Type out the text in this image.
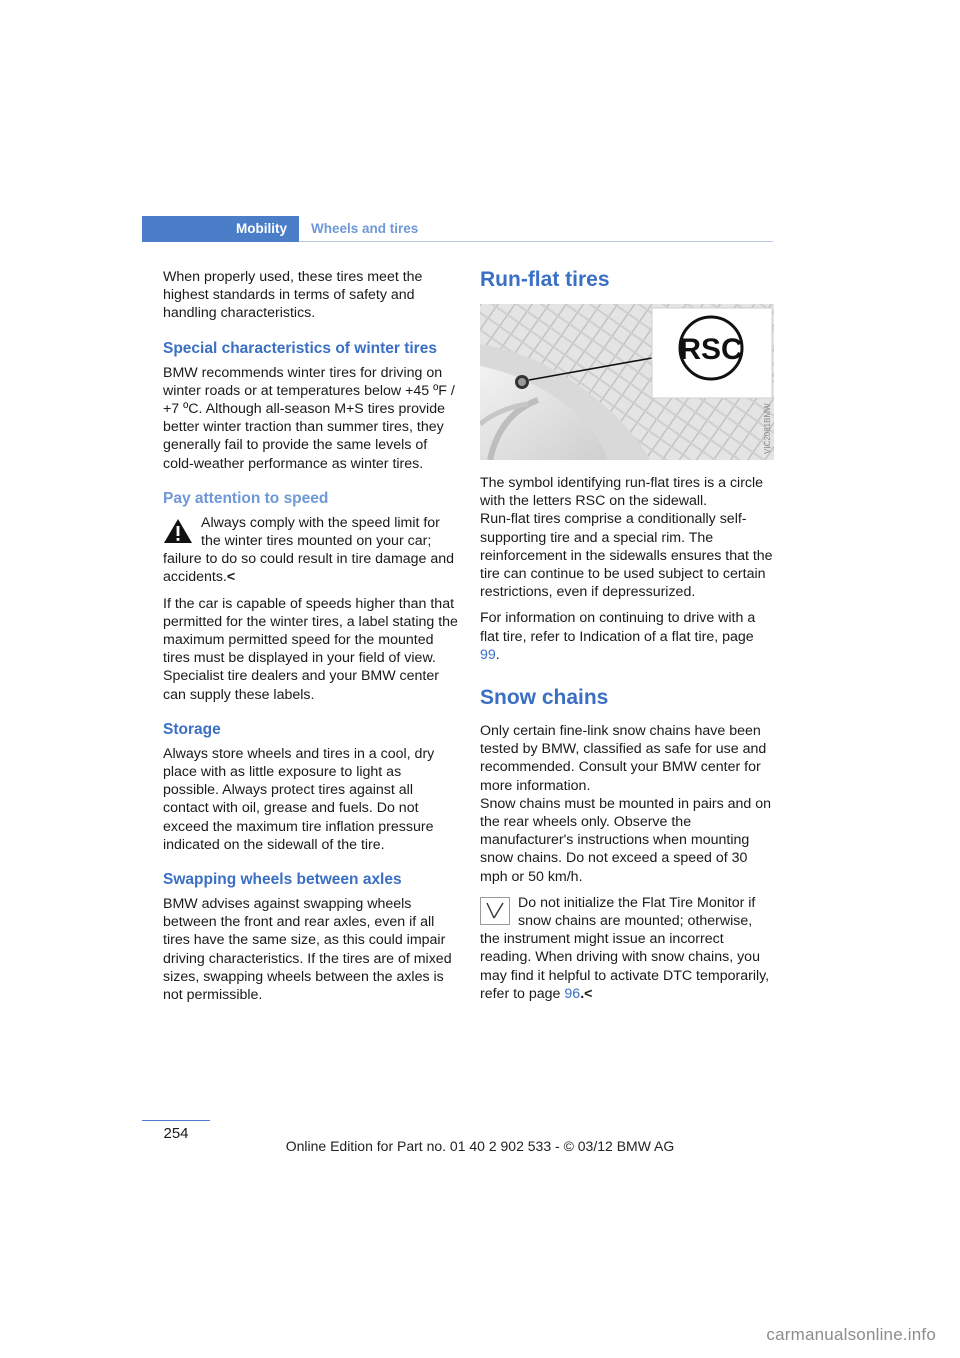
Mobility Wheels and tires

When properly used, these tires meet the highest standards in terms of safety and handling characteristics.

Special characteristics of winter tires

BMW recommends winter tires for driving on winter roads or at temperatures below +45 ºF / +7 ºC. Although all-season M+S tires provide better winter traction than summer tires, they generally fail to provide the same levels of cold-weather performance as winter tires.

Pay attention to speed
Always comply with the speed limit for the winter tires mounted on your car; failure to do so could result in tire damage and accidents.<

If the car is capable of speeds higher than that permitted for the winter tires, a label stating the maximum permitted speed for the mounted tires must be displayed in your field of view. Specialist tire dealers and your BMW center can supply these labels.

Storage

Always store wheels and tires in a cool, dry place with as little exposure to light as possible. Always protect tires against all contact with oil, grease and fuels. Do not exceed the maximum tire inflation pressure indicated on the sidewall of the tire.

Swapping wheels between axles

BMW advises against swapping wheels between the front and rear axles, even if all tires have the same size, as this could impair driving characteristics. If the tires are of mixed sizes, swapping wheels between the axles is not permissible.

Run-flat tires
RSC
VIC2081BMW

The symbol identifying run-flat tires is a circle with the letters RSC on the sidewall.
Run-flat tires comprise a conditionally self-supporting tire and a special rim. The reinforcement in the sidewalls ensures that the tire can continue to be used subject to certain restrictions, even if depressurized.

For information on continuing to drive with a flat tire, refer to Indication of a flat tire, page 99.

Snow chains

Only certain fine-link snow chains have been tested by BMW, classified as safe for use and recommended. Consult your BMW center for more information.
Snow chains must be mounted in pairs and on the rear wheels only. Observe the manufacturer's instructions when mounting snow chains. Do not exceed a speed of 30 mph or 50 km/h.

Do not initialize the Flat Tire Monitor if snow chains are mounted; otherwise, the instrument might issue an incorrect reading. When driving with snow chains, you may find it helpful to activate DTC temporarily, refer to page 96.<
254
Online Edition for Part no. 01 40 2 902 533 - © 03/12 BMW AG
carmanualsonline.info
